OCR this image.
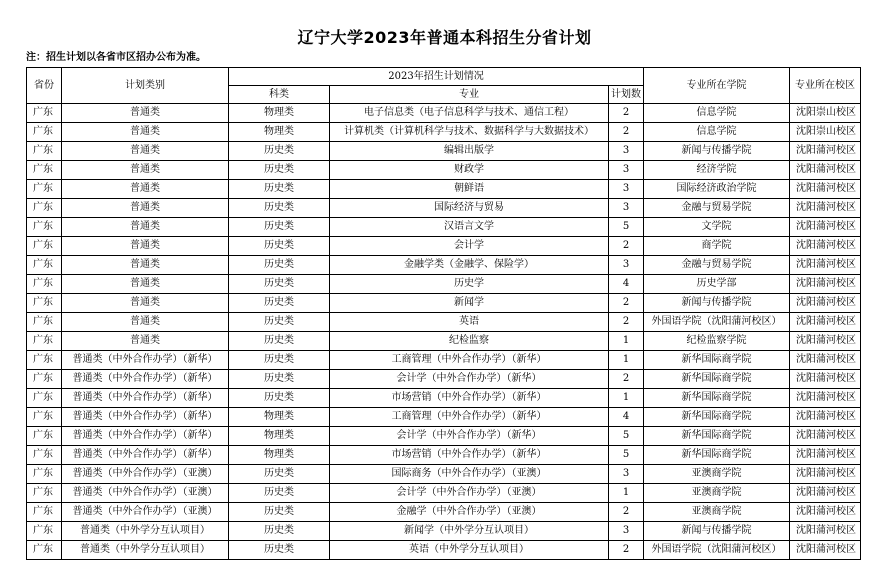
辽宁大学2023年普通本科招生分省计划
注：招生计划以各省市区招办公布为准。
省份	计划类别	2023年招生计划情况			专业所在学院	专业所在校区
		科类	专业	计划数		
广东	普通类	物理类	电子信息类（电子信息科学与技术、通信工程）	2	信息学院	沈阳崇山校区
广东	普通类	物理类	计算机类（计算机科学与技术、数据科学与大数据技术）	2	信息学院	沈阳崇山校区
广东	普通类	历史类	编辑出版学	3	新闻与传播学院	沈阳蒲河校区
广东	普通类	历史类	财政学	3	经济学院	沈阳蒲河校区
广东	普通类	历史类	朝鲜语	3	国际经济政治学院	沈阳蒲河校区
广东	普通类	历史类	国际经济与贸易	3	金融与贸易学院	沈阳蒲河校区
广东	普通类	历史类	汉语言文学	5	文学院	沈阳蒲河校区
广东	普通类	历史类	会计学	2	商学院	沈阳蒲河校区
广东	普通类	历史类	金融学类（金融学、保险学）	3	金融与贸易学院	沈阳蒲河校区
广东	普通类	历史类	历史学	4	历史学部	沈阳蒲河校区
广东	普通类	历史类	新闻学	2	新闻与传播学院	沈阳蒲河校区
广东	普通类	历史类	英语	2	外国语学院（沈阳蒲河校区）	沈阳蒲河校区
广东	普通类	历史类	纪检监察	1	纪检监察学院	沈阳蒲河校区
广东	普通类（中外合作办学）（新华）	历史类	工商管理（中外合作办学）（新华）	1	新华国际商学院	沈阳蒲河校区
广东	普通类（中外合作办学）（新华）	历史类	会计学（中外合作办学）（新华）	2	新华国际商学院	沈阳蒲河校区
广东	普通类（中外合作办学）（新华）	历史类	市场营销（中外合作办学）（新华）	1	新华国际商学院	沈阳蒲河校区
广东	普通类（中外合作办学）（新华）	物理类	工商管理（中外合作办学）（新华）	4	新华国际商学院	沈阳蒲河校区
广东	普通类（中外合作办学）（新华）	物理类	会计学（中外合作办学）（新华）	5	新华国际商学院	沈阳蒲河校区
广东	普通类（中外合作办学）（新华）	物理类	市场营销（中外合作办学）（新华）	5	新华国际商学院	沈阳蒲河校区
广东	普通类（中外合作办学）（亚澳）	历史类	国际商务（中外合作办学）（亚澳）	3	亚澳商学院	沈阳蒲河校区
广东	普通类（中外合作办学）（亚澳）	历史类	会计学（中外合作办学）（亚澳）	1	亚澳商学院	沈阳蒲河校区
广东	普通类（中外合作办学）（亚澳）	历史类	金融学（中外合作办学）（亚澳）	2	亚澳商学院	沈阳蒲河校区
广东	普通类（中外学分互认项目）	历史类	新闻学（中外学分互认项目）	3	新闻与传播学院	沈阳蒲河校区
广东	普通类（中外学分互认项目）	历史类	英语（中外学分互认项目）	2	外国语学院（沈阳蒲河校区）	沈阳蒲河校区
